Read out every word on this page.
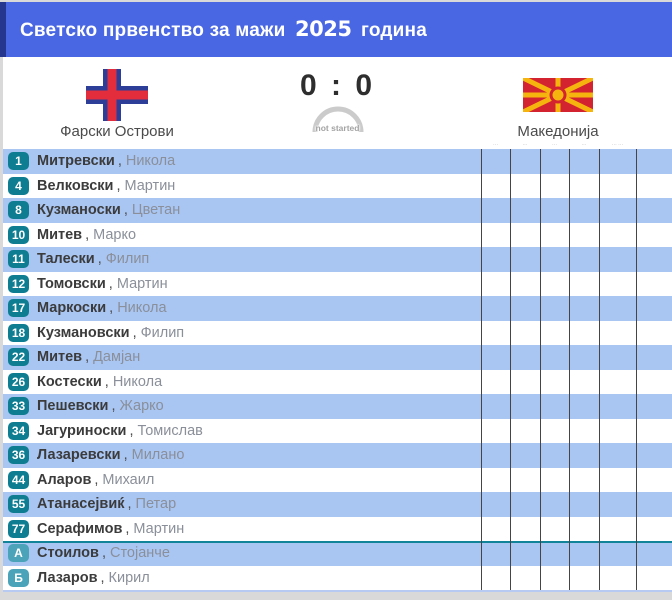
Светско првенство за мажи 2025 година
Фарски Острови
0 : 0
not started	Македонија
···	···	···	···	··· ···
1	Митревски , Никола
4	Велковски , Мартин
8	Кузманоски , Цветан
10 Митев , Марко
11 Талески , Филип
12 Томовски , Мартин
17 Маркоски , Никола
18 Кузмановски , Филип
22 Митев , Дамјан
26 Костески , Никола
33 Пешевски , Жарко
34 Јагуриноски , Томислав
36 Лазаревски , Милано
44 Аларов , Михаил
55 Атанасејвиќ , Петар
77 Серафимов , Мартин
А Стоилов , Стојанче
Б Лазаров , Кирил
